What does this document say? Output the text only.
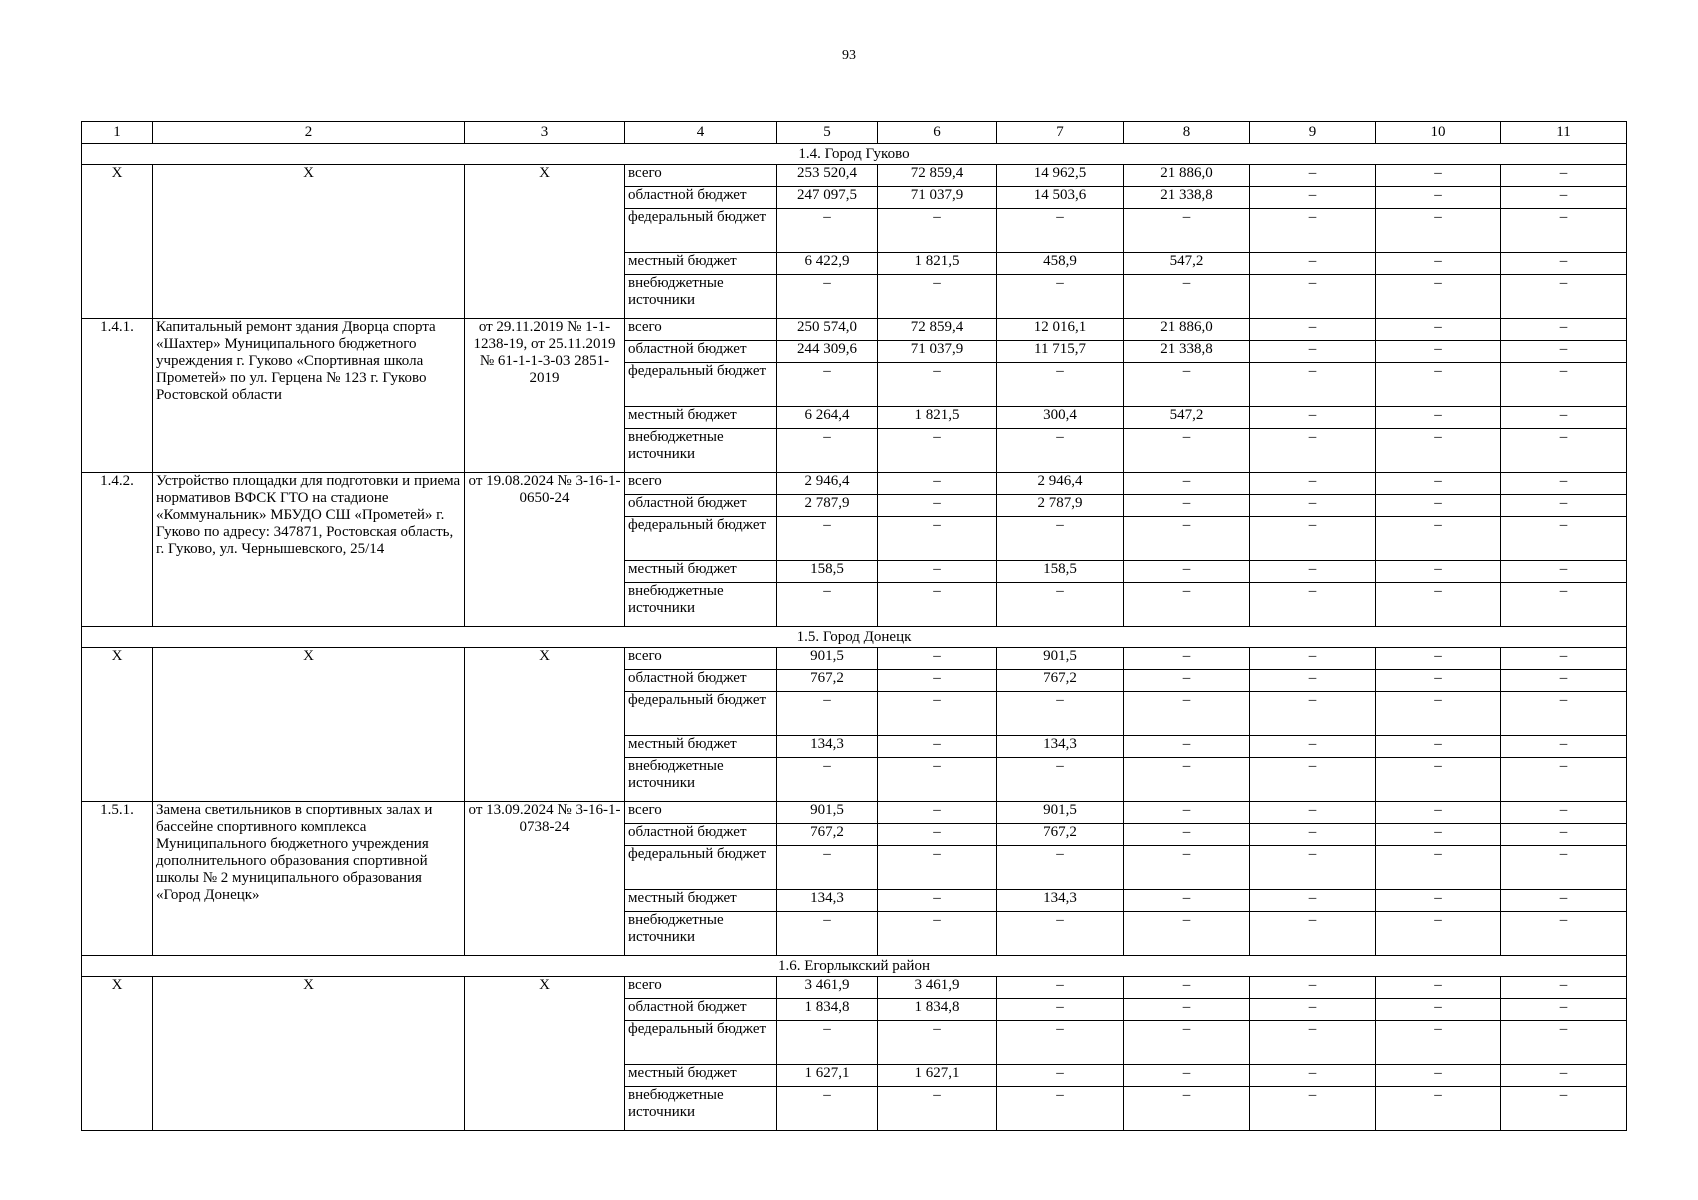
93
1	2	3	4	5	6	7	8	9	10	11
1.4. Город Гуково										
X	X	X	всего	253 520,4	72 859,4	14 962,5	21 886,0	–	–	–
			областной бюджет	247 097,5	71 037,9	14 503,6	21 338,8	–	–	–
			федеральный бюджет	–	–	–	–	–	–	–
			местный бюджет	6 422,9	1 821,5	458,9	547,2	–	–	–
			внебюджетные источники	–	–	–	–	–	–	–
1.4.1.	Капитальный ремонт здания Дворца спорта «Шахтер» Муниципального бюджетного учреждения г. Гуково «Спортивная школа Прометей» по ул. Герцена № 123 г. Гуково Ростовской области	от 29.11.2019 № 1-1-1238-19, от 25.11.2019 № 61-1-1-3-03 2851-2019	всего	250 574,0	72 859,4	12 016,1	21 886,0	–	–	–
			областной бюджет	244 309,6	71 037,9	11 715,7	21 338,8	–	–	–
			федеральный бюджет	–	–	–	–	–	–	–
			местный бюджет	6 264,4	1 821,5	300,4	547,2	–	–	–
			внебюджетные источники	–	–	–	–	–	–	–
1.4.2.	Устройство площадки для подготовки и приема нормативов ВФСК ГТО на стадионе «Коммунальник» МБУДО СШ «Прометей» г. Гуково по адресу: 347871, Ростовская область, г. Гуково, ул. Чернышевского, 25/14	от 19.08.2024 № 3-16-1-0650-24	всего	2 946,4	–	2 946,4	–	–	–	–
			областной бюджет	2 787,9	–	2 787,9	–	–	–	–
			федеральный бюджет	–	–	–	–	–	–	–
			местный бюджет	158,5	–	158,5	–	–	–	–
			внебюджетные источники	–	–	–	–	–	–	–
1.5. Город Донецк										
X	X	X	всего	901,5	–	901,5	–	–	–	–
			областной бюджет	767,2	–	767,2	–	–	–	–
			федеральный бюджет	–	–	–	–	–	–	–
			местный бюджет	134,3	–	134,3	–	–	–	–
			внебюджетные источники	–	–	–	–	–	–	–
1.5.1.	Замена светильников в спортивных залах и бассейне спортивного комплекса Муниципального бюджетного учреждения дополнительного образования спортивной школы № 2 муниципального образования «Город Донецк»	от 13.09.2024 № 3-16-1-0738-24	всего	901,5	–	901,5	–	–	–	–
			областной бюджет	767,2	–	767,2	–	–	–	–
			федеральный бюджет	–	–	–	–	–	–	–
			местный бюджет	134,3	–	134,3	–	–	–	–
			внебюджетные источники	–	–	–	–	–	–	–
1.6. Егорлыкский район										
X	X	X	всего	3 461,9	3 461,9	–	–	–	–	–
			областной бюджет	1 834,8	1 834,8	–	–	–	–	–
			федеральный бюджет	–	–	–	–	–	–	–
			местный бюджет	1 627,1	1 627,1	–	–	–	–	–
			внебюджетные источники	–	–	–	–	–	–	–
